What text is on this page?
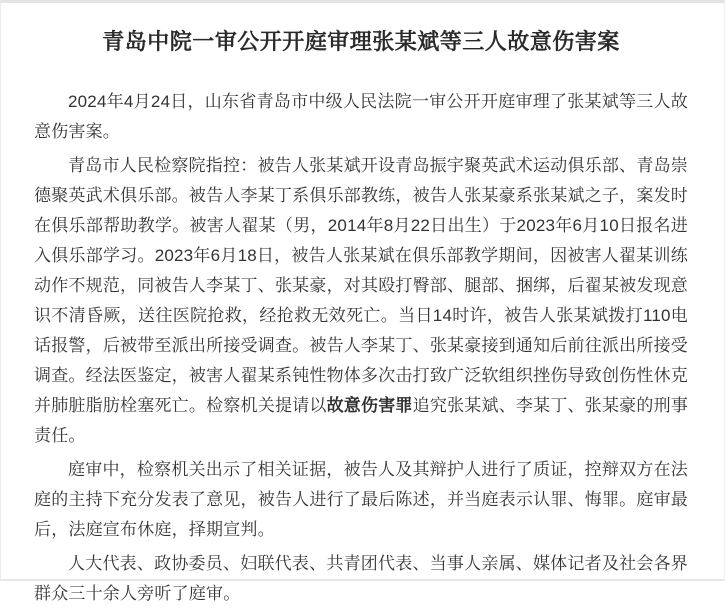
青岛中院一审公开开庭审理张某斌等三人故意伤害案

2024年4月24日，山东省青岛市中级人民法院一审公开开庭审理了张某斌等三人故意伤害案。

青岛市人民检察院指控：被告人张某斌开设青岛振宇聚英武术运动俱乐部、青岛崇德聚英武术俱乐部。被告人李某丁系俱乐部教练，被告人张某豪系张某斌之子，案发时在俱乐部帮助教学。被害人翟某（男，2014年8月22日出生）于2023年6月10日报名进入俱乐部学习。2023年6月18日，被告人张某斌在俱乐部教学期间，因被害人翟某训练动作不规范，同被告人李某丁、张某豪，对其殴打臀部、腿部、捆绑，后翟某被发现意识不清昏厥，送往医院抢救，经抢救无效死亡。当日14时许，被告人张某斌拨打110电话报警，后被带至派出所接受调查。被告人李某丁、张某豪接到通知后前往派出所接受调查。经法医鉴定，被害人翟某系钝性物体多次击打致广泛软组织挫伤导致创伤性休克并肺脏脂肪栓塞死亡。检察机关提请以故意伤害罪追究张某斌、李某丁、张某豪的刑事责任。

庭审中，检察机关出示了相关证据，被告人及其辩护人进行了质证，控辩双方在法庭的主持下充分发表了意见，被告人进行了最后陈述，并当庭表示认罪、悔罪。庭审最后，法庭宣布休庭，择期宣判。

人大代表、政协委员、妇联代表、共青团代表、当事人亲属、媒体记者及社会各界群众三十余人旁听了庭审。
